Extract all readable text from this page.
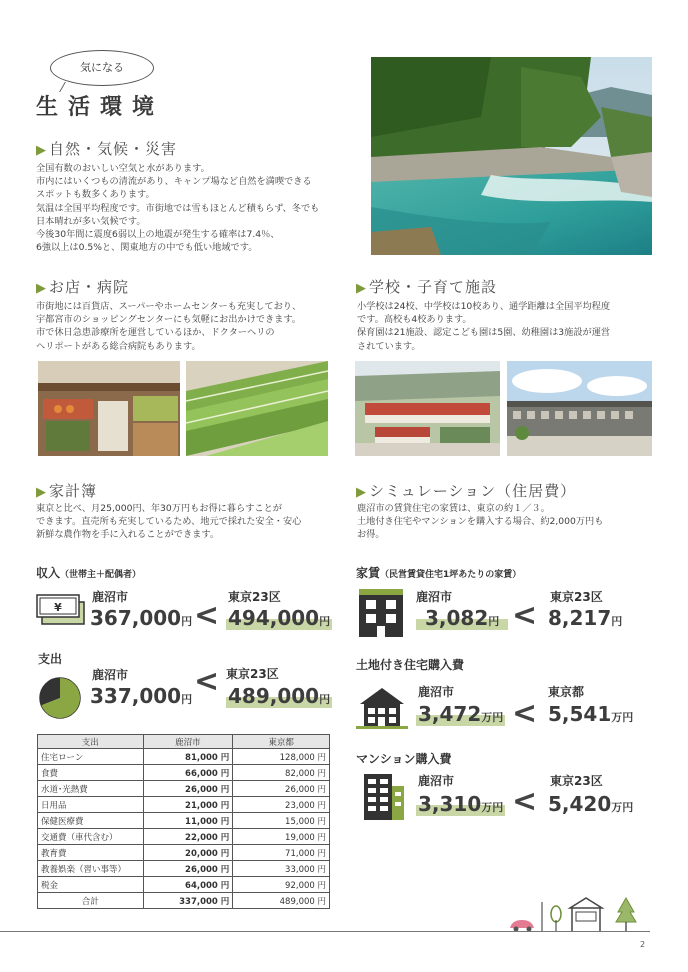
気になる
生活環境
▶ 自然・気候・災害
全国有数のおいしい空気と水があります。
市内にはいくつもの清流があり、キャンプ場など自然を満喫できる
スポットも数多くあります。
気温は全国平均程度です。市街地では雪もほとんど積もらず、冬でも
日本晴れが多い気候です。
今後30年間に震度6弱以上の地震が発生する確率は7.4％、
6強以上は0.5%と、関東地方の中でも低い地域です。
▶ お店・病院
市街地には百貨店、スーパーやホームセンターも充実しており、
宇都宮市のショッピングセンターにも気軽にお出かけできます。
市で休日急患診療所を運営しているほか、ドクターヘリの
ヘリポートがある総合病院もあります。
▶ 学校・子育て施設
小学校は24校、中学校は10校あり、通学距離は全国平均程度
です。高校も4校あります。
保育園は21施設、認定こども園は5園、幼稚園は3施設が運営
されています。
▶ 家計簿
東京と比べ、月25,000円、年30万円もお得に暮らすことが
できます。直売所も充実しているため、地元で採れた安全・安心
新鮮な農作物を手に入れることができます。
▶ シミュレーション（住居費）
鹿沼市の賃貸住宅の家賃は、東京の約１／３。
土地付き住宅やマンションを購入する場合、約2,000万円も
お得。
収入（世帯主＋配偶者）
¥
鹿沼市
367,000円 <
東京23区
494,000円
支出
鹿沼市
337,000円
< 東京23区
489,000円
支出	鹿沼市	東京都
住宅ローン	81,000 円	128,000 円
食費	66,000 円	82,000 円
水道･光熱費	26,000 円	26,000 円
日用品	21,000 円	23,000 円
保健医療費	11,000 円	15,000 円
交通費（車代含む）	22,000 円	19,000 円
教育費	20,000 円	71,000 円
教養娯楽（習い事等）	26,000 円	33,000 円
税金	64,000 円	92,000 円
合計	337,000 円	489,000 円
家賃（民営賃貸住宅1坪あたりの家賃）
鹿沼市
3,082円 <
東京23区
8,217円
土地付き住宅購入費
鹿沼市
3,472万円 <
東京都
5,541万円
マンション購入費
鹿沼市
3,310万円 <
東京23区
5,420万円
2
